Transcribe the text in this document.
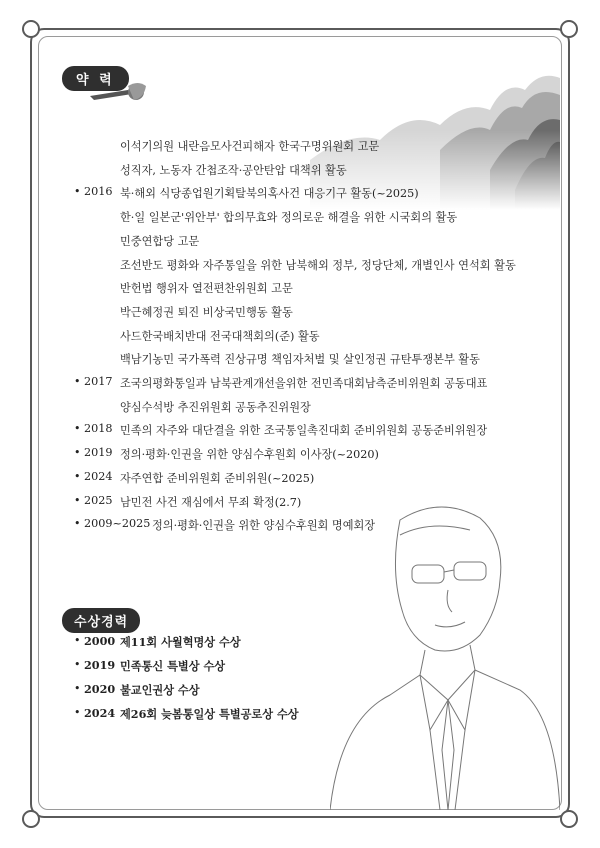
약 력
수상경력
이석기의원 내란음모사건피해자 한국구명위원회 고문
성직자, 노동자 간첩조작·공안탄압 대책위 활동
• 2016 북·해외 식당종업원기획탈북의혹사건 대응기구 활동(~2025)
한·일 일본군'위안부' 합의무효와 정의로운 해결을 위한 시국회의 활동
민중연합당 고문
조선반도 평화와 자주통일을 위한 남북해외 정부, 정당단체, 개별인사 연석회 활동
반헌법 행위자 열전편찬위원회 고문
박근혜정권 퇴진 비상국민행동 활동
사드한국배치반대 전국대책회의(준) 활동
백남기농민 국가폭력 진상규명 책임자처벌 및 살인정권 규탄투쟁본부 활동
• 2017 조국의평화통일과 남북관계개선을위한 전민족대회남측준비위원회 공동대표
양심수석방 추진위원회 공동추진위원장
• 2018 민족의 자주와 대단결을 위한 조국통일촉진대회 준비위원회 공동준비위원장
• 2019 정의·평화·인권을 위한 양심수후원회 이사장(~2020)
• 2024 자주연합 준비위원회 준비위원(~2025)
• 2025 남민전 사건 재심에서 무죄 확정(2.7)
• 2009~2025 정의·평화·인권을 위한 양심수후원회 명예회장
• 2000 제11회 사월혁명상 수상
• 2019 민족통신 특별상 수상
• 2020 불교인권상 수상
• 2024 제26회 늦봄통일상 특별공로상 수상
